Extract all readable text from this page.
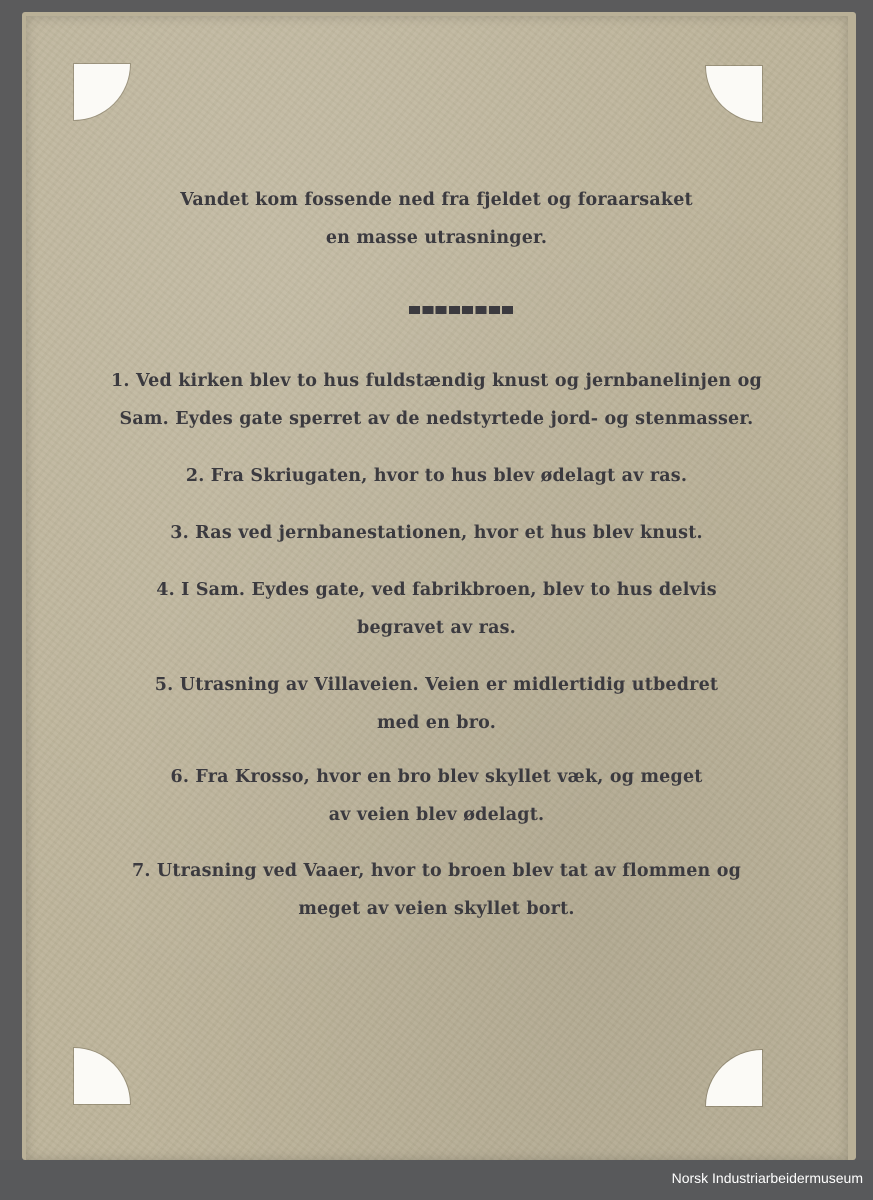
Vandet kom fossende ned fra fjeldet og foraarsaket en masse utrasninger.
1. Ved kirken blev to hus fuldstændig knust og jernbanelinjen og Sam. Eydes gate sperret av de nedstyrtede jord- og stenmasser.
2. Fra Skriugaten, hvor to hus blev ødelagt av ras.
3. Ras ved jernbanestationen, hvor et hus blev knust.
4. I Sam. Eydes gate, ved fabrikbroen, blev to hus delvis begravet av ras.
5. Utrasning av Villaveien. Veien er midlertidig utbedret med en bro.
6. Fra Krosso, hvor en bro blev skyllet væk, og meget av veien blev ødelagt.
7. Utrasning ved Vaaer, hvor to broen blev tat av flommen og meget av veien skyllet bort.
Norsk Industriarbeidermuseum
